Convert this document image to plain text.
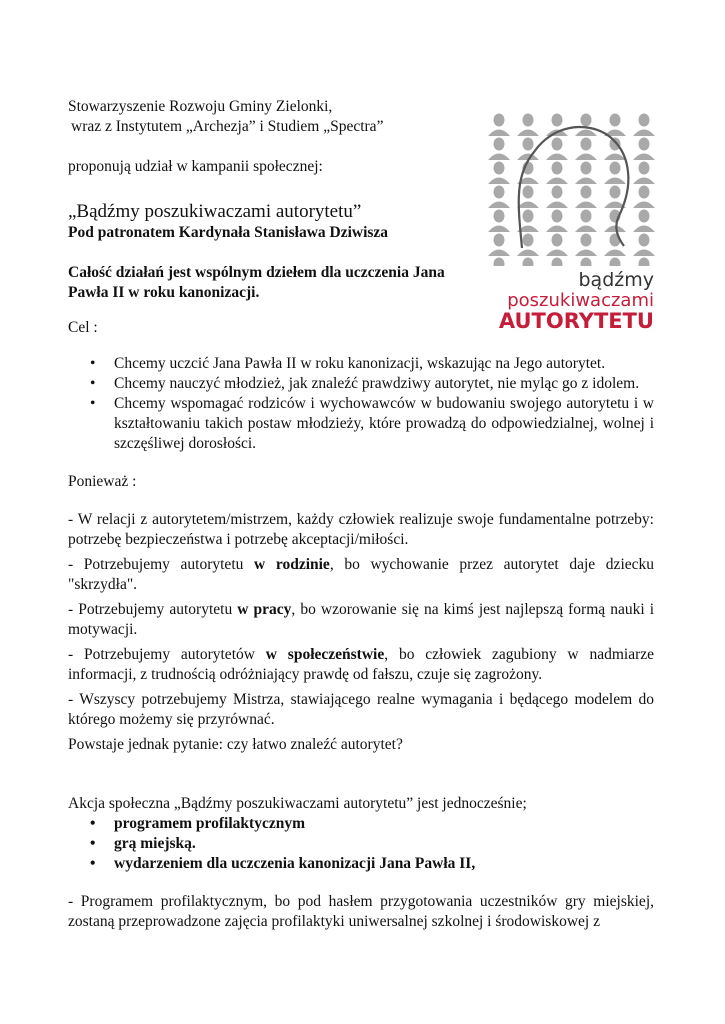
bądźmy
poszukiwaczami
AUTORYTETU

Stowarzyszenie Rozwoju Gminy Zielonki,

wraz z Instytutem „Archezja” i Studiem „Spectra”

proponują udział w kampanii społecznej:

„Bądźmy poszukiwaczami autorytetu”

Pod patronatem Kardynała Stanisława Dziwisza

Całość działań jest wspólnym dziełem dla uczczenia Jana

Pawła II w roku kanonizacji.

Cel :

• Chcemy uczcić Jana Pawła II w roku kanonizacji, wskazując na Jego autorytet.
• Chcemy nauczyć młodzież, jak znaleźć prawdziwy autorytet, nie myląc go z idolem.
• Chcemy wspomagać rodziców i wychowawców w budowaniu swojego autorytetu i w kształtowaniu takich postaw młodzieży, które prowadzą do odpowiedzialnej, wolnej i szczęśliwej dorosłości.

Ponieważ :

- W relacji z autorytetem/mistrzem, każdy człowiek realizuje swoje fundamentalne potrzeby: potrzebę bezpieczeństwa i potrzebę akceptacji/miłości.

- Potrzebujemy autorytetu w rodzinie, bo wychowanie przez autorytet daje dziecku "skrzydła".

- Potrzebujemy autorytetu w pracy, bo wzorowanie się na kimś jest najlepszą formą nauki i motywacji.

- Potrzebujemy autorytetów w społeczeństwie, bo człowiek zagubiony w nadmiarze informacji, z trudnością odróżniający prawdę od fałszu, czuje się zagrożony.

- Wszyscy potrzebujemy Mistrza, stawiającego realne wymagania i będącego modelem do którego możemy się przyrównać.

Powstaje jednak pytanie: czy łatwo znaleźć autorytet?

Akcja społeczna „Bądźmy poszukiwaczami autorytetu” jest jednocześnie;

• programem profilaktycznym
• grą miejską.
• wydarzeniem dla uczczenia kanonizacji Jana Pawła II,

- Programem profilaktycznym, bo pod hasłem przygotowania uczestników gry miejskiej, zostaną przeprowadzone zajęcia profilaktyki uniwersalnej szkolnej i środowiskowej z
